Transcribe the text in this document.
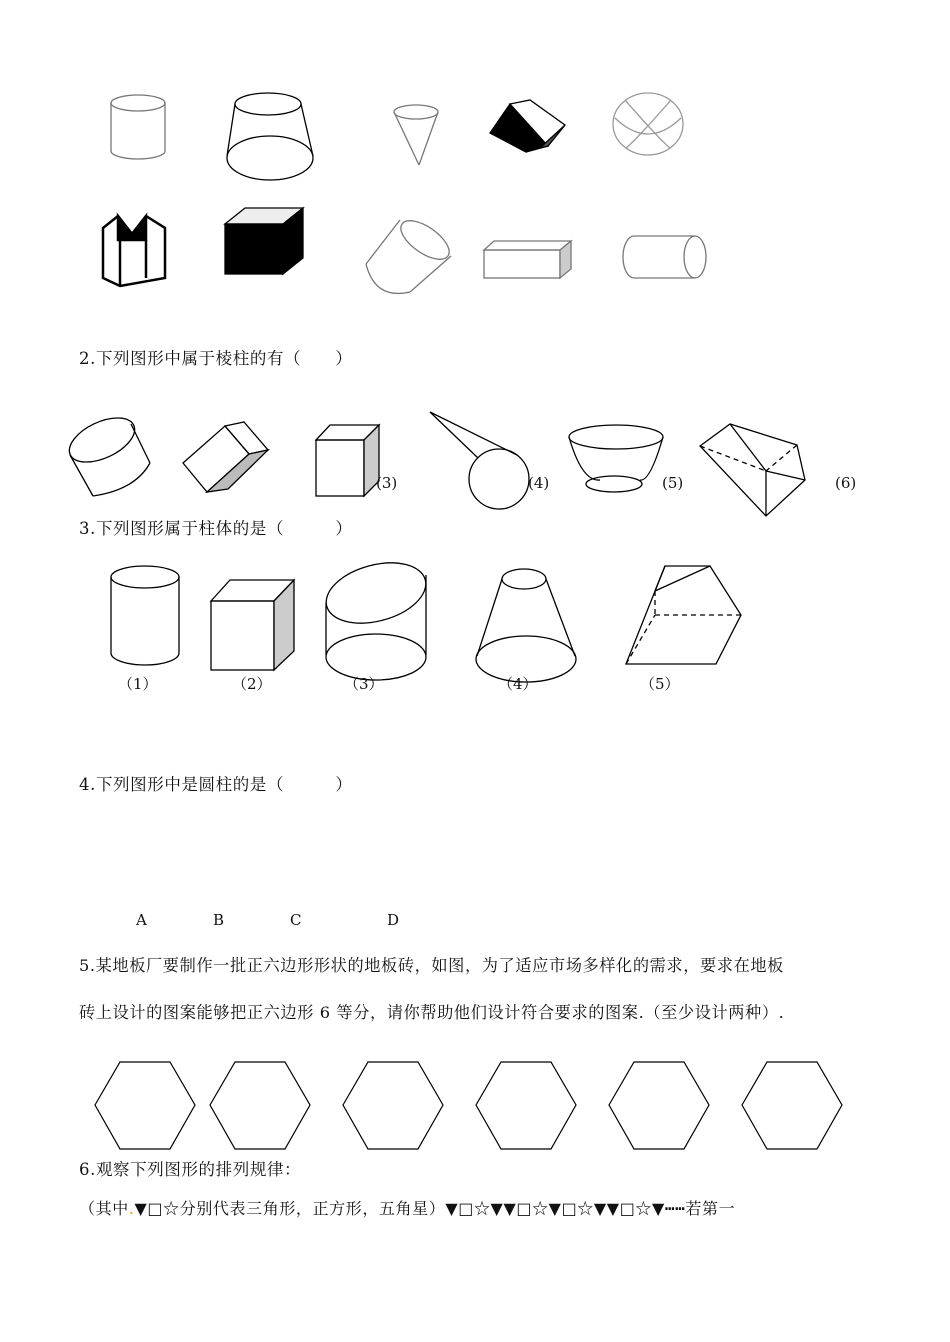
2.下列图形中属于棱柱的有（　　）
(3)	(4)	(5)	(6)
3.下列图形属于柱体的是（　　　）
（1）	（2）	（3）	（4）	（5）
4.下列图形中是圆柱的是（　　　）
A	B	C	D
5.某地板厂要制作一批正六边形形状的地板砖，如图，为了适应市场多样化的需求，要求在地板
砖上设计的图案能够把正六边形 6 等分，请你帮助他们设计符合要求的图案.（至少设计两种）.
6.观察下列图形的排列规律：
（其中.▼□☆分别代表三角形，正方形，五角星）▼□☆▼▼□☆▼□☆▼▼□☆▼┅┅若第一
